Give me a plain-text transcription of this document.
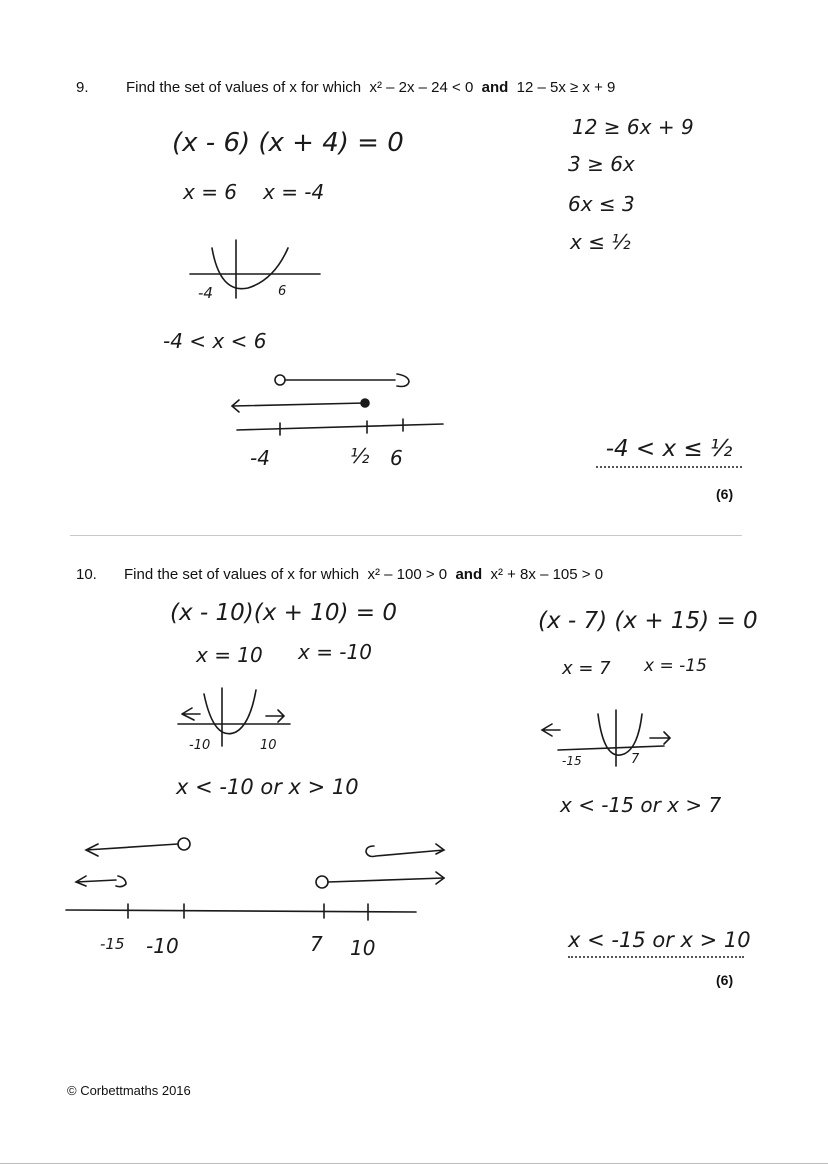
9. Find the set of values of x for which x² – 2x – 24 < 0 and 12 – 5x ≥ x + 9
(x - 6) (x + 4) = 0
x = 6 x = -4
-4	6
-4 < x < 6
-4	½ 6
12 ≥ 6x + 9
3 ≥ 6x
6x ≤ 3
x ≤ ½
-4 < x ≤ ½
(6)
10. Find the set of values of x for which x² – 100 > 0 and x² + 8x – 105 > 0
(x - 10)(x + 10) = 0
x = 10 x = -10
-10	10
x < -10 or x > 10
(x - 7) (x + 15) = 0
x = 7 x = -15
-15	7
x < -15 or x > 7
-15 -10	7 10	x < -15 or x > 10
(6)
© Corbettmaths 2016
